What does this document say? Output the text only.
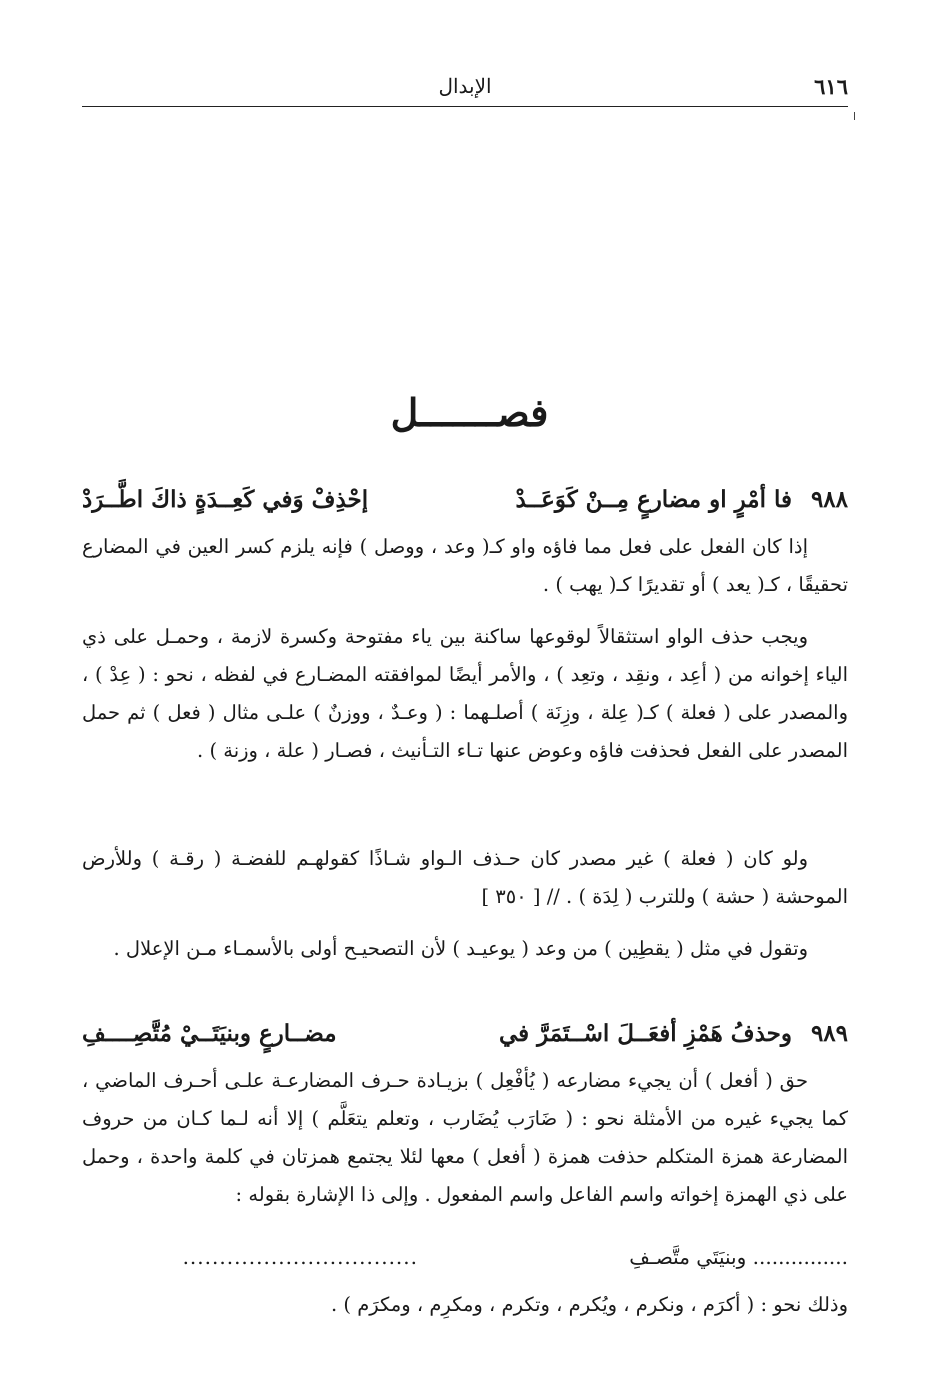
٦١٦
الإبدال
فصـــــــل
٩٨٨
فا أمْرٍ او مضارعٍ مِــنْ كَوَعَــدْ
إحْذِفْ وَفي كَعِــدَةٍ ذاكَ اطَّــرَدْ
إذا كان الفعل على فعل مما فاؤه واو كـ( وعد ، ووصل ) فإنه يلزم كسر العين في المضارع تحقيقًا ، كـ( يعد ) أو تقديرًا كـ( يهب ) .
ويجب حذف الواو استثقالاً لوقوعها ساكنة بين ياء مفتوحة وكسرة لازمة ، وحمـل على ذي الياء إخوانه من ( أعِد ، ونقِد ، وتعِد ) ، والأمر أيضًا لموافقته المضـارع في لفظه ، نحو : ( عِدْ ) ، والمصدر على ( فعلة ) كـ( عِلة ، وزِنَة ) أصلـهما : ( وعـدٌ ، ووزنٌ ) علـى مثال ( فعل ) ثم حمل المصدر على الفعل فحذفت فاؤه وعوض عنها تـاء التـأنيث ، فصـار ( علة ، وزنة ) .
ولو كان ( فعلة ) غير مصدر كان حـذف الـواو شـاذًا كقولهـم للفضـة ( رقـة ) وللأرض الموحشة ( حشة ) وللترب ( لِدَة ) . // [ ٣٥٠ ]
وتقول في مثل ( يقطِين ) من وعد ( يوعيـد ) لأن التصحيـح أولى بالأسمـاء مـن الإعلال .
٩٨٩
وحذفُ هَمْزِ أفعَــلَ اسْــتَمَرَّ في
مضــارعٍ وبنيَتَــيْ مُتَّصِــــفِ
حق ( أفعل ) أن يجيء مضارعه ( يُأفْعِل ) بزيـادة حـرف المضارعـة علـى أحـرف الماضي ، كما يجيء غيره من الأمثلة نحو : ( ضَارَب يُضَارب ، وتعلم يتعَلَّم ) إلا أنه لـما كـان من حروف المضارعة همزة المتكلم حذفت همزة ( أفعل ) معها لئلا يجتمع همزتان في كلمة واحدة ، وحمل على ذي الهمزة إخواته واسم الفاعل واسم المفعول . وإلى ذا الإشارة بقوله :
................................	............... وبنيَتَي متَّصـفِ
وذلك نحو : ( أكرَم ، ونكرم ، ويُكرم ، وتكرم ، ومكرِم ، ومكرَم ) .
